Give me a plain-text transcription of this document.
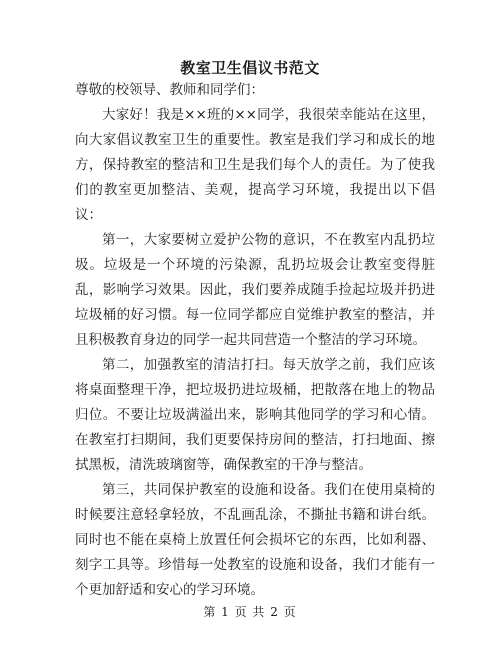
教室卫生倡议书范文

尊敬的校领导、教师和同学们：

大家好！我是××班的××同学，我很荣幸能站在这里，向大家倡议教室卫生的重要性。教室是我们学习和成长的地方，保持教室的整洁和卫生是我们每个人的责任。为了使我们的教室更加整洁、美观，提高学习环境，我提出以下倡议：

第一，大家要树立爱护公物的意识，不在教室内乱扔垃圾。垃圾是一个环境的污染源，乱扔垃圾会让教室变得脏乱，影响学习效果。因此，我们要养成随手捡起垃圾并扔进垃圾桶的好习惯。每一位同学都应自觉维护教室的整洁，并且积极教育身边的同学一起共同营造一个整洁的学习环境。

第二，加强教室的清洁打扫。每天放学之前，我们应该将桌面整理干净，把垃圾扔进垃圾桶，把散落在地上的物品归位。不要让垃圾满溢出来，影响其他同学的学习和心情。在教室打扫期间，我们更要保持房间的整洁，打扫地面、擦拭黑板，清洗玻璃窗等，确保教室的干净与整洁。

第三，共同保护教室的设施和设备。我们在使用桌椅的时候要注意轻拿轻放，不乱画乱涂，不撕扯书籍和讲台纸。同时也不能在桌椅上放置任何会损坏它的东西，比如利器、刻字工具等。珍惜每一处教室的设施和设备，我们才能有一个更加舒适和安心的学习环境。

第 1 页 共 2 页
